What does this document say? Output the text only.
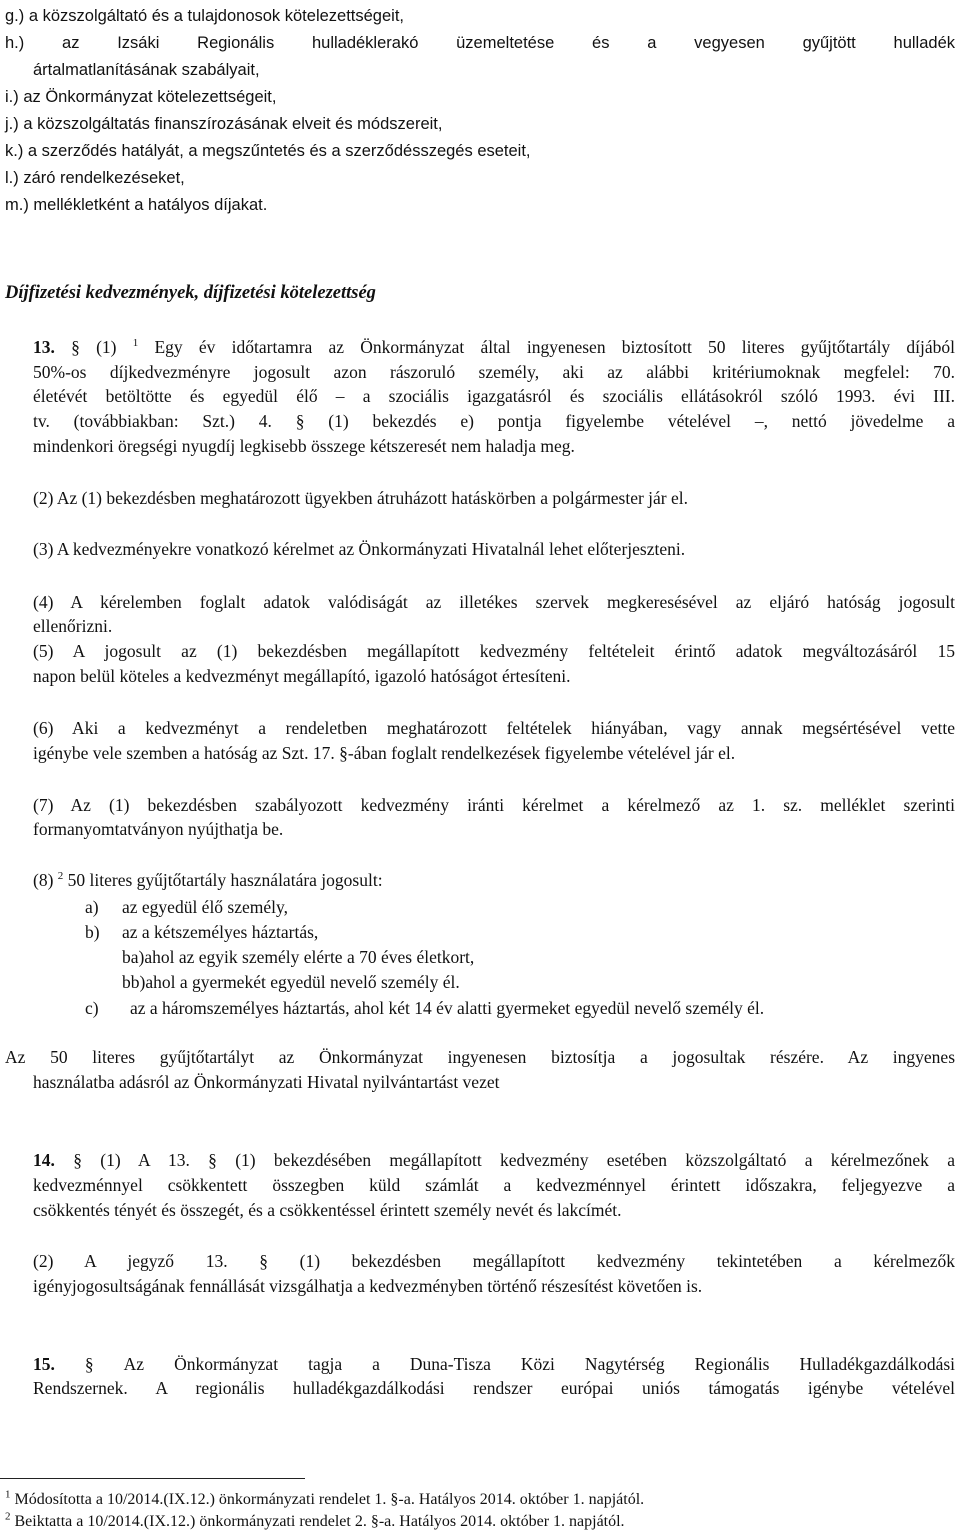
g.) a közszolgáltató és a tulajdonosok kötelezettségeit,
h.) az Izsáki Regionális hulladéklerakó üzemeltetése és a vegyesen gyűjtött hulladék
ártalmatlanításának szabályait,
i.) az Önkormányzat kötelezettségeit,
j.) a közszolgáltatás finanszírozásának elveit és módszereit,
k.) a szerződés hatályát, a megszűntetés és a szerződésszegés eseteit,
l.) záró rendelkezéseket,
m.) mellékletként a hatályos díjakat.
Díjfizetési kedvezmények, díjfizetési kötelezettség
13. § (1) $^1$ Egy év időtartamra az Önkormányzat által ingyenesen biztosított 50 literes gyűjtőtartály díjából
50%-os díjkedvezményre jogosult azon rászoruló személy, aki az alábbi kritériumoknak megfelel: 70.
életévét betöltötte és egyedül élő – a szociális igazgatásról és szociális ellátásokról szóló 1993. évi III.
tv. (továbbiakban: Szt.) 4. § (1) bekezdés e) pontja figyelembe vételével –, nettó jövedelme a
mindenkori öregségi nyugdíj legkisebb összege kétszeresét nem haladja meg.
(2) Az (1) bekezdésben meghatározott ügyekben átruházott hatáskörben a polgármester jár el.
(3) A kedvezményekre vonatkozó kérelmet az Önkormányzati Hivatalnál lehet előterjeszteni.
(4) A kérelemben foglalt adatok valódiságát az illetékes szervek megkeresésével az eljáró hatóság jogosult
ellenőrizni.
(5) A jogosult az (1) bekezdésben megállapított kedvezmény feltételeit érintő adatok megváltozásáról 15
napon belül köteles a kedvezményt megállapító, igazoló hatóságot értesíteni.
(6) Aki a kedvezményt a rendeletben meghatározott feltételek hiányában, vagy annak megsértésével vette
igénybe vele szemben a hatóság az Szt. 17. §-ában foglalt rendelkezések figyelembe vételével jár el.
(7) Az (1) bekezdésben szabályozott kedvezmény iránti kérelmet a kérelmező az 1. sz. melléklet szerinti
formanyomtatványon nyújthatja be.
(8) $^2$ 50 literes gyűjtőtartály használatára jogosult:
a) az egyedül élő személy,
b) az a kétszemélyes háztartás,
ba)ahol az egyik személy elérte a 70 éves életkort,
bb)ahol a gyermekét egyedül nevelő személy él.
c) az a háromszemélyes háztartás, ahol két 14 év alatti gyermeket egyedül nevelő személy él.
Az 50 literes gyűjtőtartályt az Önkormányzat ingyenesen biztosítja a jogosultak részére. Az ingyenes
használatba adásról az Önkormányzati Hivatal nyilvántartást vezet
14. § (1) A 13. § (1) bekezdésében megállapított kedvezmény esetében közszolgáltató a kérelmezőnek a
kedvezménnyel csökkentett összegben küld számlát a kedvezménnyel érintett időszakra, feljegyezve a
csökkentés tényét és összegét, és a csökkentéssel érintett személy nevét és lakcímét.
(2) A jegyző 13. § (1) bekezdésben megállapított kedvezmény tekintetében a kérelmezők
igényjogosultságának fennállását vizsgálhatja a kedvezményben történő részesítést követően is.
15. § Az Önkormányzat tagja a Duna-Tisza Közi Nagytérség Regionális Hulladékgazdálkodási
Rendszernek. A regionális hulladékgazdálkodási rendszer európai uniós támogatás igénybe vételével
$^1$ Módosította a 10/2014.(IX.12.) önkormányzati rendelet 1. §-a. Hatályos 2014. október 1. napjától.
$^2$ Beiktatta a 10/2014.(IX.12.) önkormányzati rendelet 2. §-a. Hatályos 2014. október 1. napjától.
